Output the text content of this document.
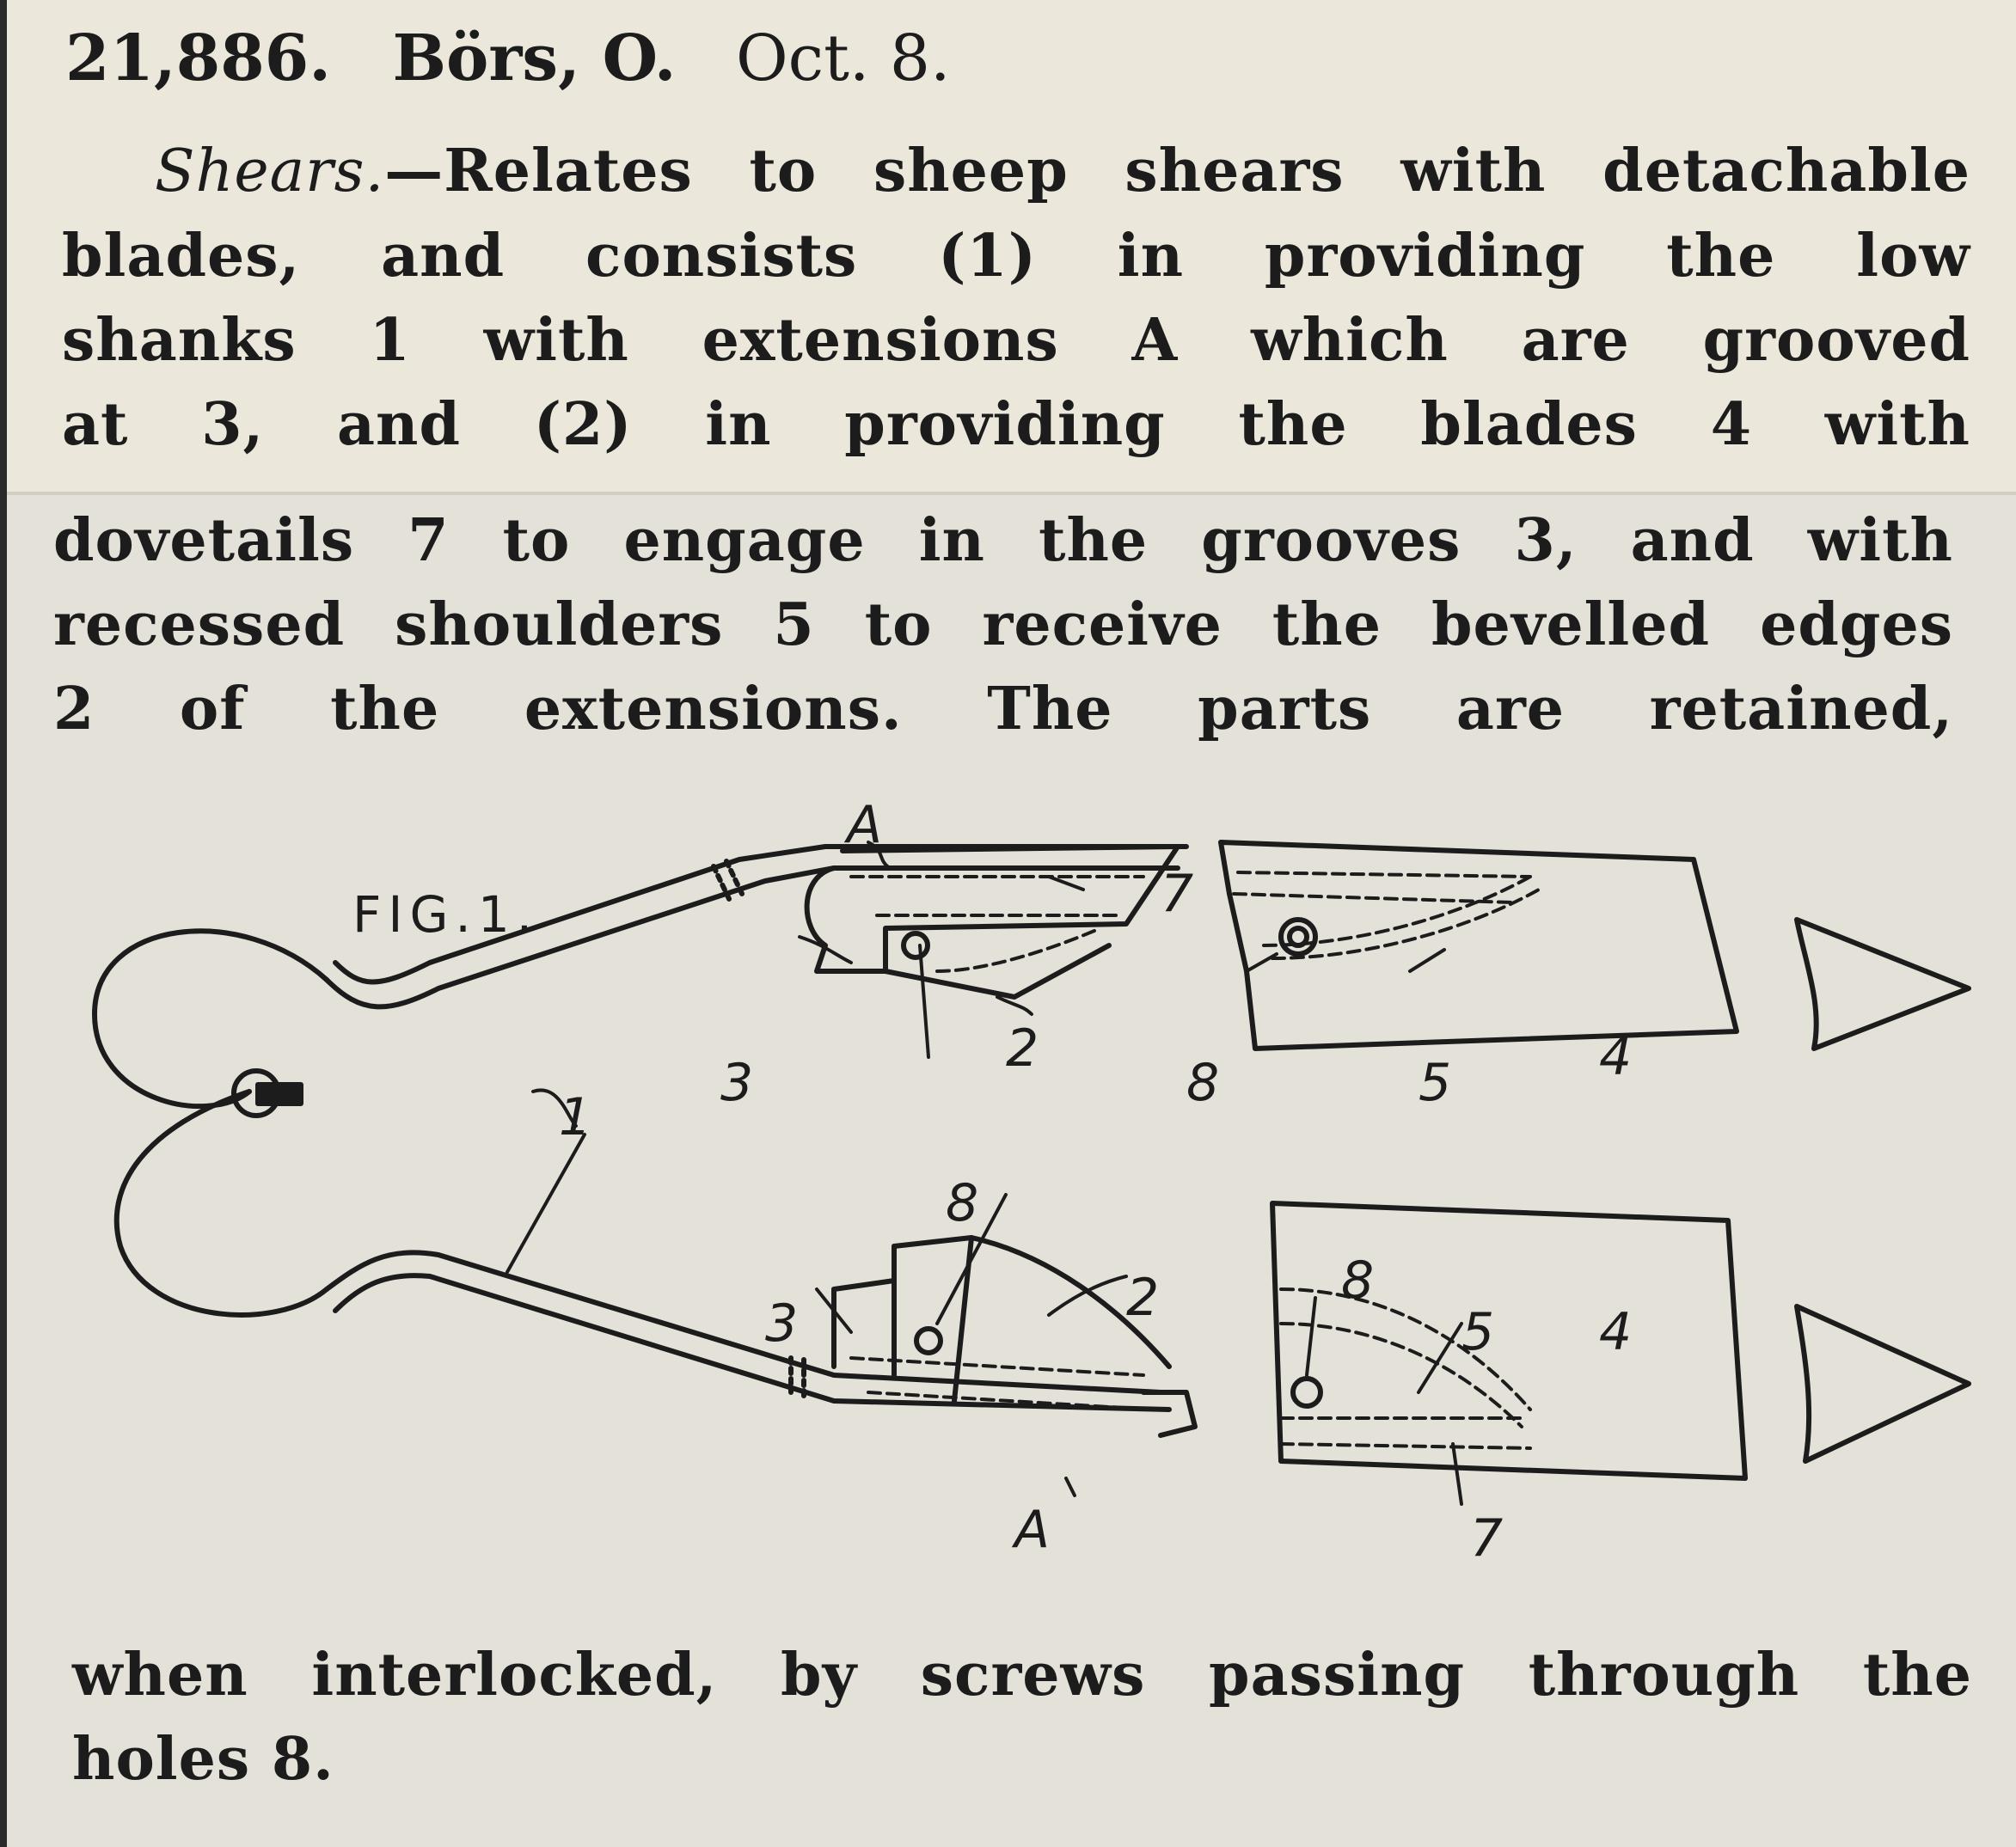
21,886. Börs, O. Oct. 8.
Shears.—Relates to sheep shears with detachable
blades, and consists (1) in providing the low
shanks 1 with extensions A which are grooved
at 3, and (2) in providing the blades 4 with
dovetails 7 to engage in the grooves 3, and with
recessed shoulders 5 to receive the bevelled edges
2 of the extensions. The parts are retained,
FIG.1.
A
A
1
3
3
2
2
7
7
8
8
8
5
5
4
4
when interlocked, by screws passing through the
holes 8.
